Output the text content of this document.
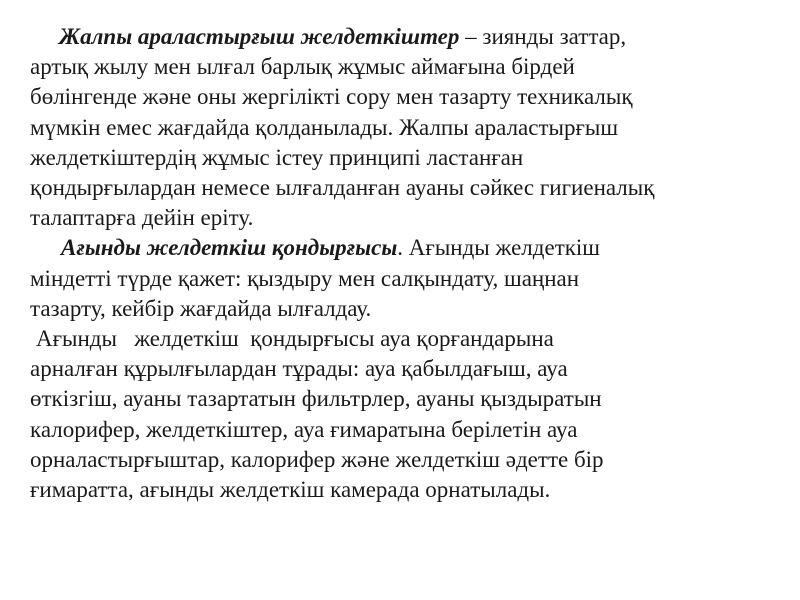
Жалпы араластырғыш желдеткіштер – зиянды заттар,
артық жылу мен ылғал барлық жұмыс аймағына бірдей
бөлінгенде және оны жергілікті сору мен тазарту техникалық
мүмкін емес жағдайда қолданылады. Жалпы араластырғыш
желдеткіштердің жұмыс істеу принципі ластанған
қондырғылардан немесе ылғалданған ауаны сәйкес гигиеналық
талаптарға дейін еріту.
Ағынды желдеткіш қондырғысы. Ағынды желдеткіш
міндетті түрде қажет: қыздыру мен салқындату, шаңнан
тазарту, кейбір жағдайда ылғалдау.
Ағынды   желдеткіш  қондырғысы ауа қорғандарына
арналған құрылғылардан тұрады: ауа қабылдағыш, ауа
өткізгіш, ауаны тазартатын фильтрлер, ауаны қыздыратын
калорифер, желдеткіштер, ауа ғимаратына берілетін ауа
орналастырғыштар, калорифер және желдеткіш әдетте бір
ғимаратта, ағынды желдеткіш камерада орнатылады.
